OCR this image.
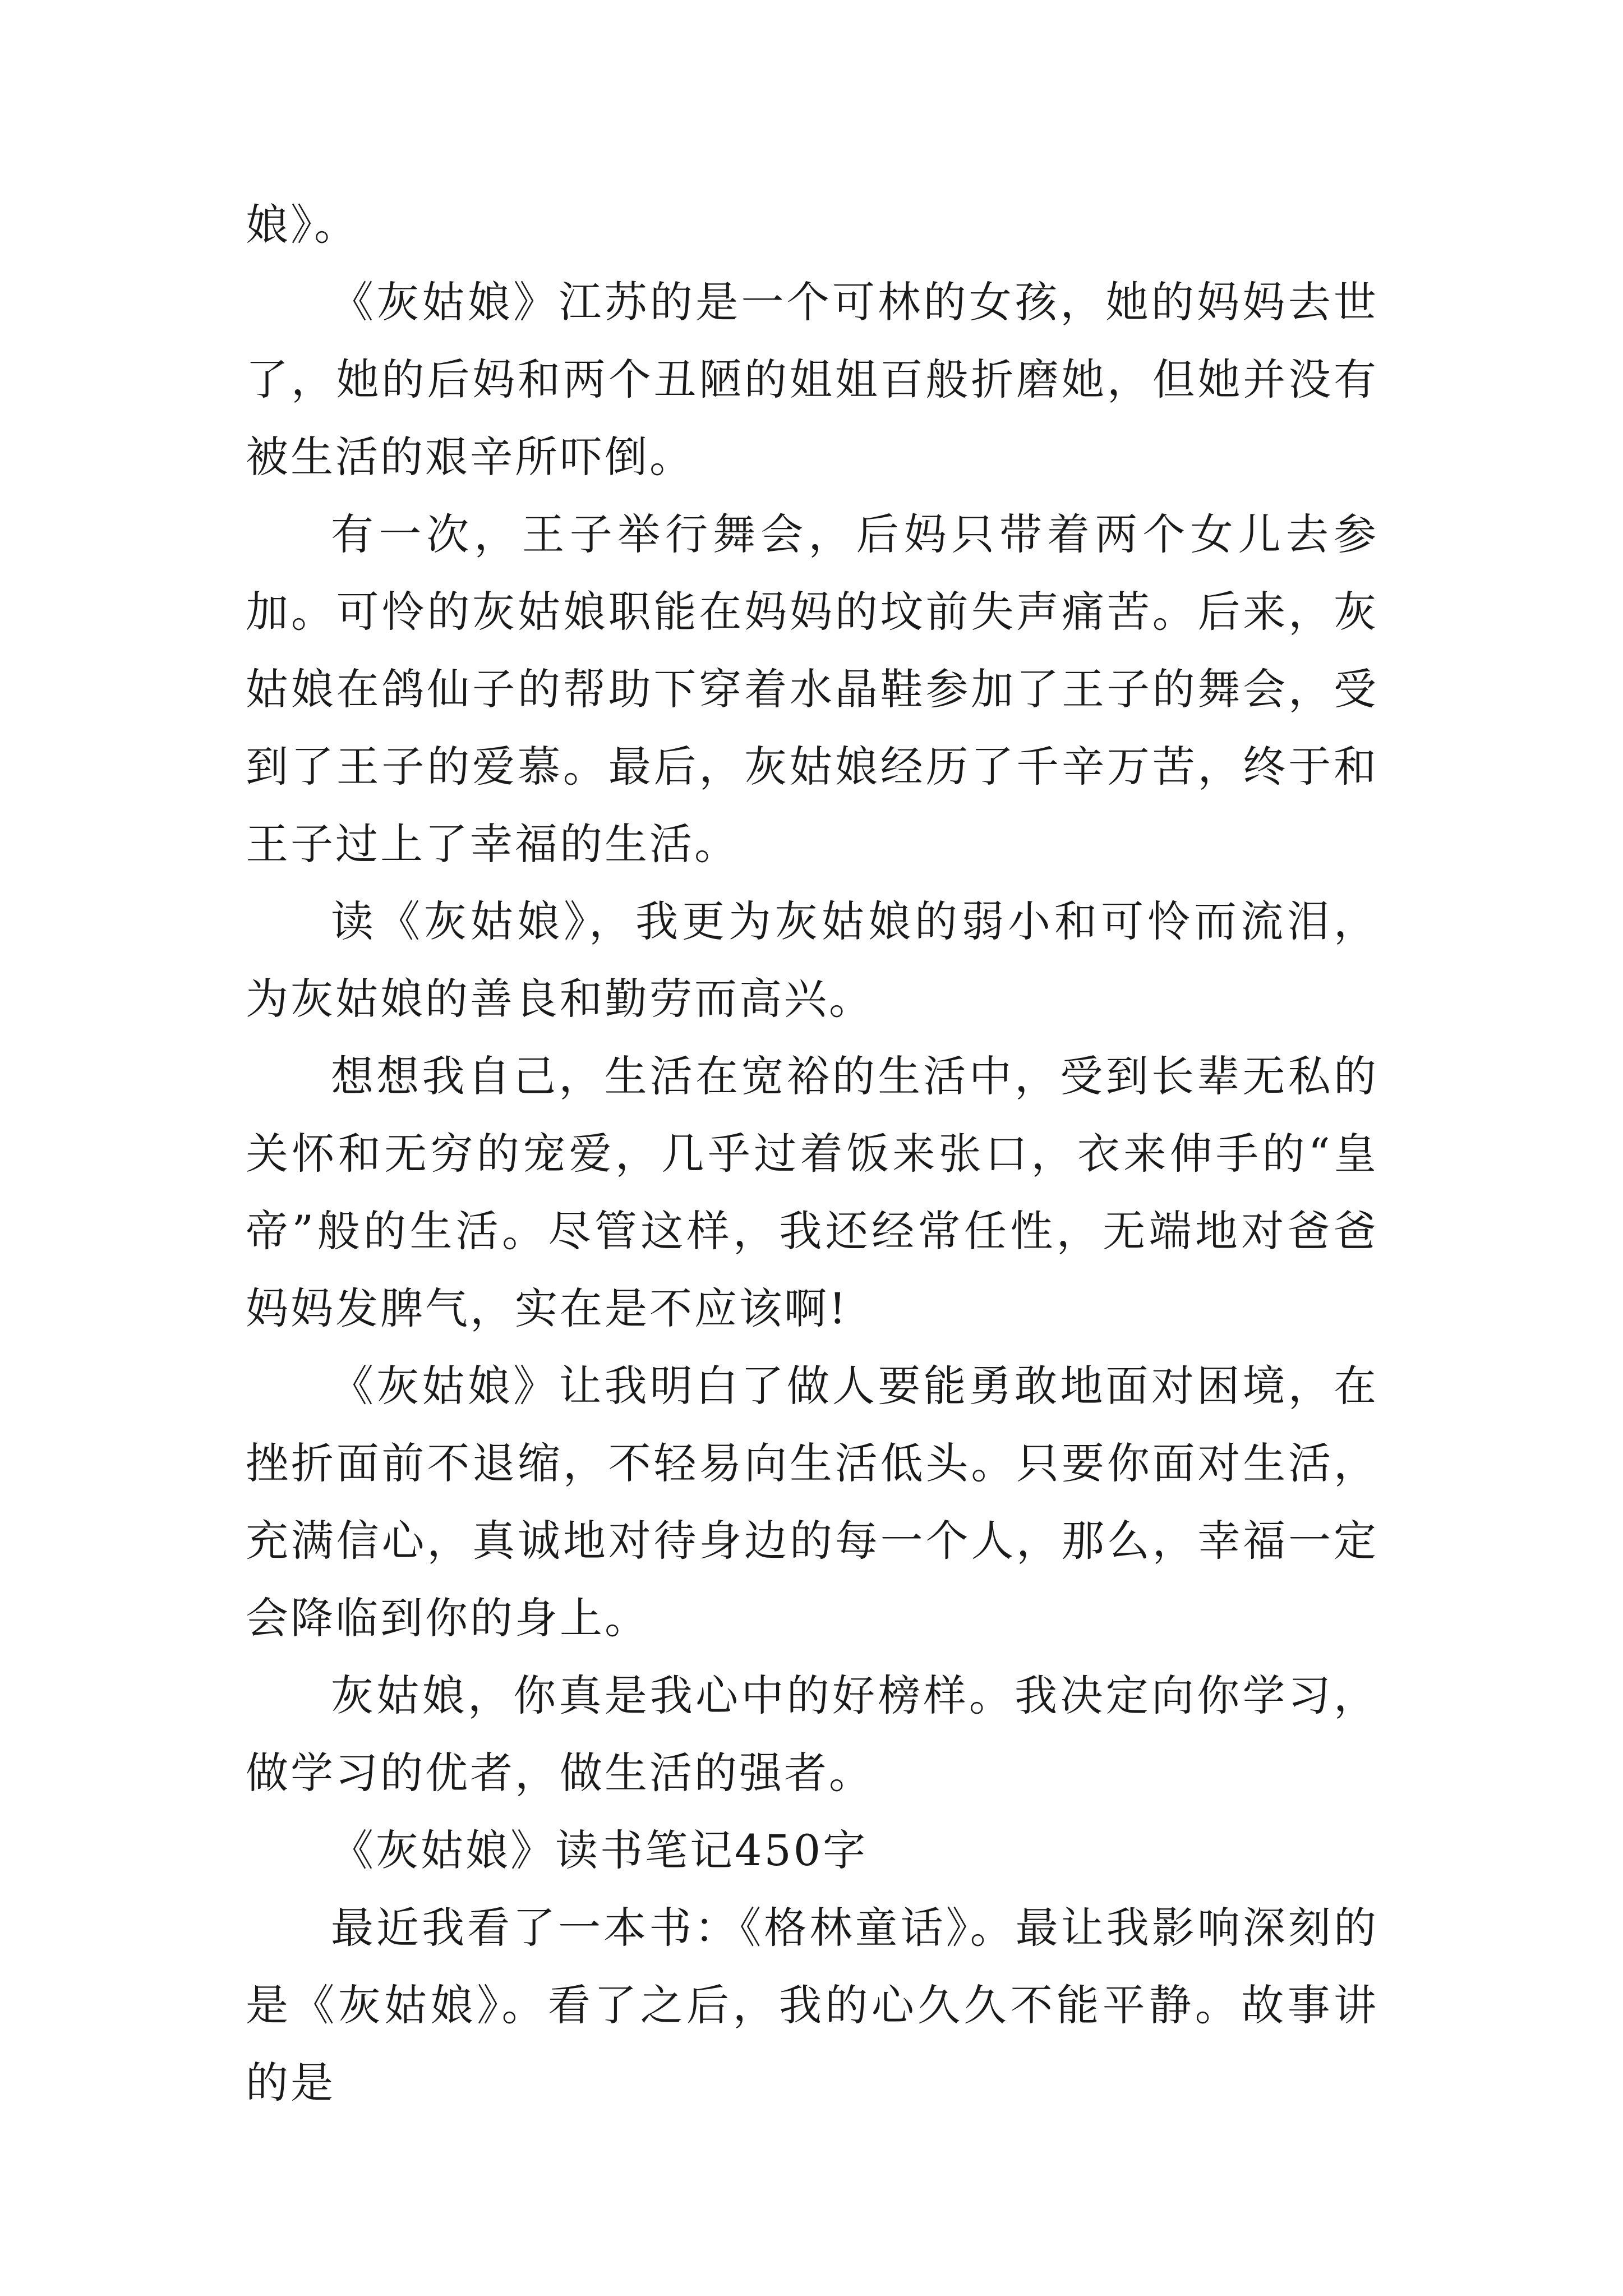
娘》。

《灰姑娘》江苏的是一个可林的女孩，她的妈妈去世了，她的后妈和两个丑陋的姐姐百般折磨她，但她并没有被生活的艰辛所吓倒。

有一次，王子举行舞会，后妈只带着两个女儿去参加。可怜的灰姑娘职能在妈妈的坟前失声痛苦。后来，灰姑娘在鸽仙子的帮助下穿着水晶鞋参加了王子的舞会，受到了王子的爱慕。最后，灰姑娘经历了千辛万苦，终于和王子过上了幸福的生活。

读《灰姑娘》，我更为灰姑娘的弱小和可怜而流泪，为灰姑娘的善良和勤劳而高兴。

想想我自己，生活在宽裕的生活中，受到长辈无私的关怀和无穷的宠爱，几乎过着饭来张口，衣来伸手的“皇帝”般的生活。尽管这样，我还经常任性，无端地对爸爸妈妈发脾气，实在是不应该啊!

《灰姑娘》让我明白了做人要能勇敢地面对困境，在挫折面前不退缩，不轻易向生活低头。只要你面对生活，充满信心，真诚地对待身边的每一个人，那么，幸福一定会降临到你的身上。

灰姑娘，你真是我心中的好榜样。我决定向你学习，做学习的优者，做生活的强者。

《灰姑娘》读书笔记450字

最近我看了一本书：《格林童话》。最让我影响深刻的是《灰姑娘》。看了之后，我的心久久不能平静。故事讲的是
